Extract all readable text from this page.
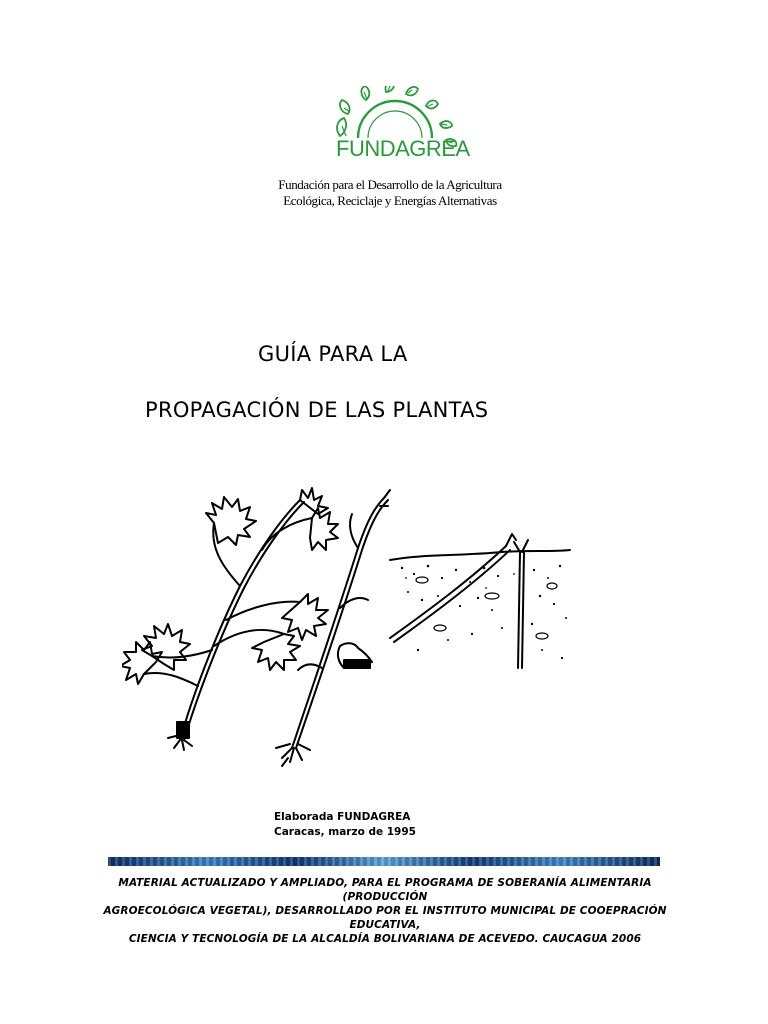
FUNDAGREA
Fundación para el Desarrollo de la Agricultura
Ecológica, Reciclaje y Energías Alternativas
GUÍA PARA LA
PROPAGACIÓN DE LAS PLANTAS
Elaborada FUNDAGREA
Caracas, marzo de 1995
MATERIAL ACTUALIZADO Y AMPLIADO, PARA EL PROGRAMA DE SOBERANÍA ALIMENTARIA (PRODUCCIÓN
AGROECOLÓGICA VEGETAL), DESARROLLADO POR EL INSTITUTO MUNICIPAL DE COOEPRACIÓN EDUCATIVA,
CIENCIA Y TECNOLOGÍA DE LA ALCALDÍA BOLIVARIANA DE ACEVEDO. CAUCAGUA 2006
